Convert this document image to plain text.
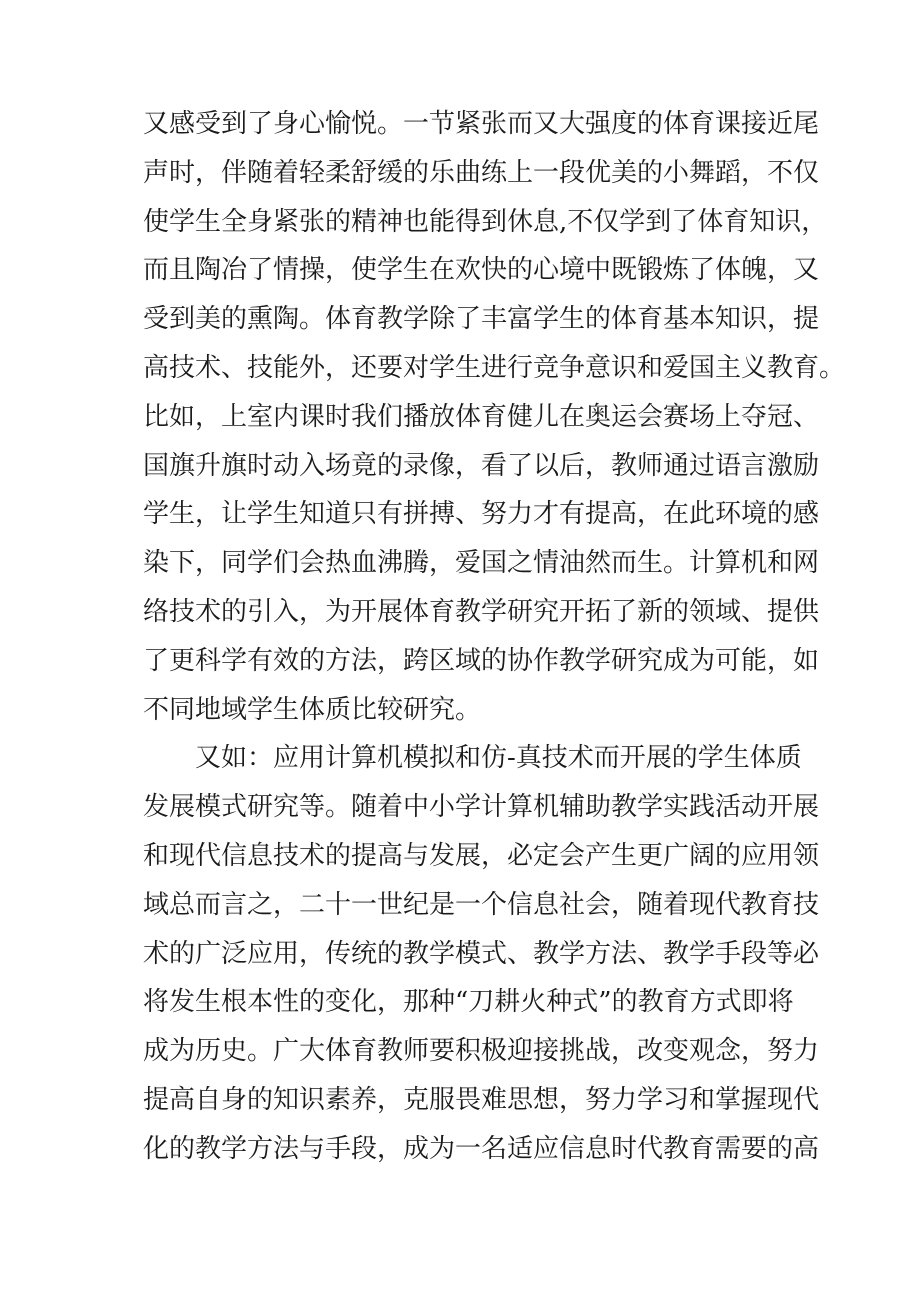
又感受到了身心愉悦。一节紧张而又大强度的体育课接近尾
声时，伴随着轻柔舒缓的乐曲练上一段优美的小舞蹈，不仅
使学生全身紧张的精神也能得到休息,不仅学到了体育知识，
而且陶冶了情操，使学生在欢快的心境中既锻炼了体魄，又
受到美的熏陶。体育教学除了丰富学生的体育基本知识，提
高技术、技能外，还要对学生进行竞争意识和爱国主义教育。
比如，上室内课时我们播放体育健儿在奥运会赛场上夺冠、
国旗升旗时动入场竟的录像，看了以后，教师通过语言激励
学生，让学生知道只有拼搏、努力才有提高，在此环境的感
染下，同学们会热血沸腾，爱国之情油然而生。计算机和网
络技术的引入，为开展体育教学研究开拓了新的领域、提供
了更科学有效的方法，跨区域的协作教学研究成为可能，如
不同地域学生体质比较研究。
又如：应用计算机模拟和仿-真技术而开展的学生体质
发展模式研究等。随着中小学计算机辅助教学实践活动开展
和现代信息技术的提高与发展，必定会产生更广阔的应用领
域总而言之，二十一世纪是一个信息社会，随着现代教育技
术的广泛应用，传统的教学模式、教学方法、教学手段等必
将发生根本性的变化，那种“刀耕火种式”的教育方式即将
成为历史。广大体育教师要积极迎接挑战，改变观念，努力
提高自身的知识素养，克服畏难思想，努力学习和掌握现代
化的教学方法与手段，成为一名适应信息时代教育需要的高
